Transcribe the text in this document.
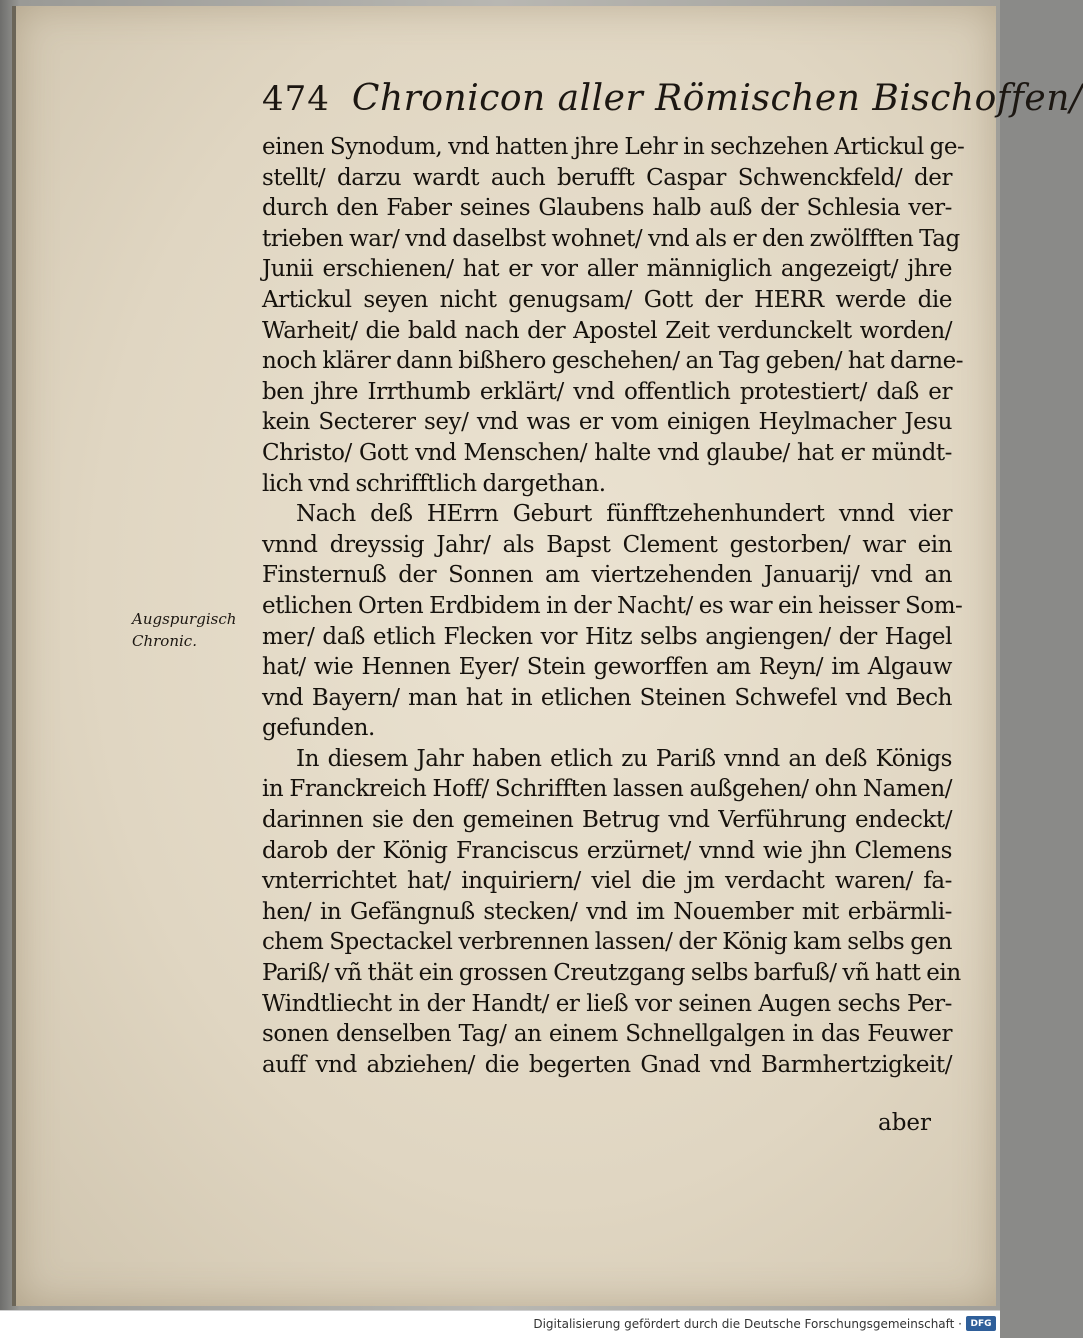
474 Chronicon aller Römischen Bischoffen/
Augspurgisch
Chronic.
einen Synodum, vnd hatten jhre Lehr in sechzehen Artickul ge-
stellt/ darzu wardt auch berufft Caspar Schwenckfeld/ der
durch den Faber seines Glaubens halb auß der Schlesia ver-
trieben war/ vnd daselbst wohnet/ vnd als er den zwölfften Tag
Junii erschienen/ hat er vor aller männiglich angezeigt/ jhre
Artickul seyen nicht genugsam/ Gott der HERR werde die
Warheit/ die bald nach der Apostel Zeit verdunckelt worden/
noch klärer dann bißhero geschehen/ an Tag geben/ hat darne-
ben jhre Irrthumb erklärt/ vnd offentlich protestiert/ daß er
kein Secterer sey/ vnd was er vom einigen Heylmacher Jesu
Christo/ Gott vnd Menschen/ halte vnd glaube/ hat er mündt-
lich vnd schrifftlich dargethan.
Nach deß HErrn Geburt fünfftzehenhundert vnnd vier
vnnd dreyssig Jahr/ als Bapst Clement gestorben/ war ein
Finsternuß der Sonnen am viertzehenden Januarij/ vnd an
etlichen Orten Erdbidem in der Nacht/ es war ein heisser Som-
mer/ daß etlich Flecken vor Hitz selbs angiengen/ der Hagel
hat/ wie Hennen Eyer/ Stein geworffen am Reyn/ im Algauw
vnd Bayern/ man hat in etlichen Steinen Schwefel vnd Bech
gefunden.
In diesem Jahr haben etlich zu Pariß vnnd an deß Königs
in Franckreich Hoff/ Schrifften lassen außgehen/ ohn Namen/
darinnen sie den gemeinen Betrug vnd Verführung endeckt/
darob der König Franciscus erzürnet/ vnnd wie jhn Clemens
vnterrichtet hat/ inquiriern/ viel die jm verdacht waren/ fa-
hen/ in Gefängnuß stecken/ vnd im Nouember mit erbärmli-
chem Spectackel verbrennen lassen/ der König kam selbs gen
Pariß/ vñ thät ein grossen Creutzgang selbs barfuß/ vñ hatt ein
Windtliecht in der Handt/ er ließ vor seinen Augen sechs Per-
sonen denselben Tag/ an einem Schnellgalgen in das Feuwer
auff vnd abziehen/ die begerten Gnad vnd Barmhertzigkeit/
aber
Digitalisierung gefördert durch die Deutsche Forschungsgemeinschaft · DFG
